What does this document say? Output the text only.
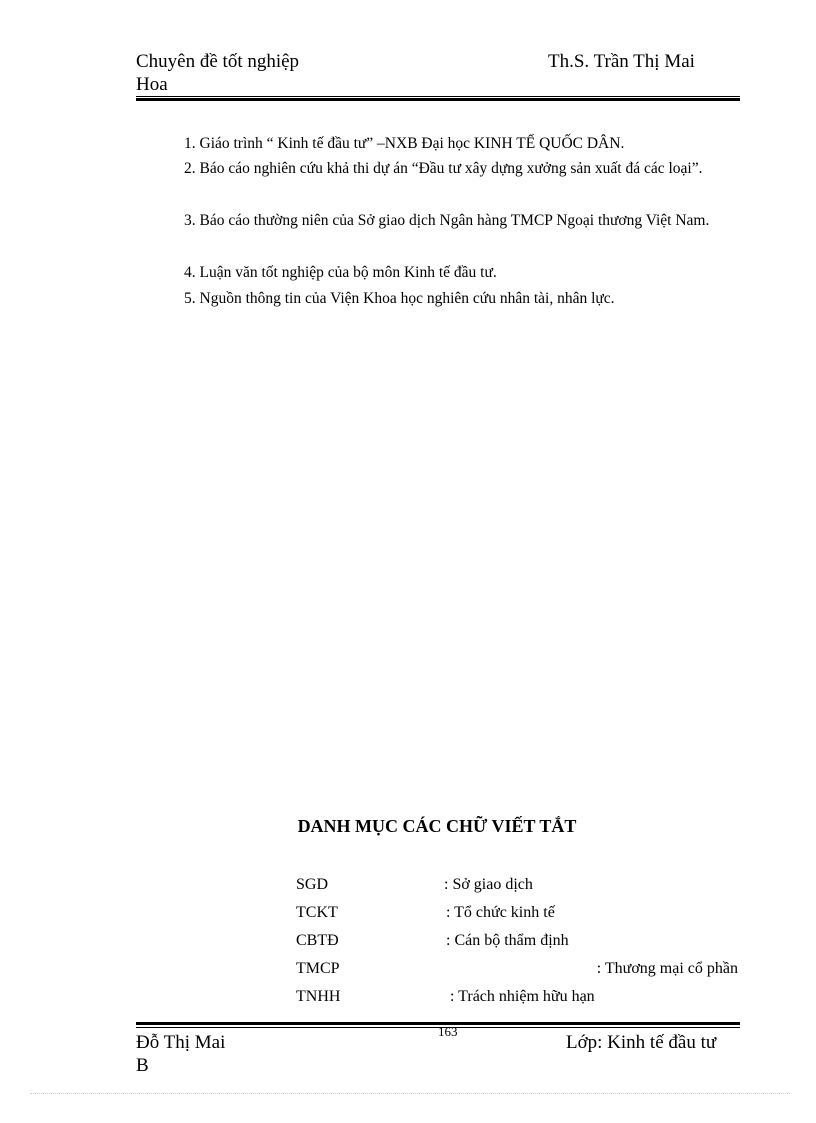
Chuyên đề tốt nghiệp
Hoa
Th.S. Trần Thị Mai
1. Giáo trình “ Kinh tế đầu tư” –NXB Đại học KINH TẾ QUỐC DÂN.
2. Báo cáo nghiên cứu khả thi dự án “Đầu tư xây dựng xưởng sản xuất đá các loại”.
3. Báo cáo thường niên của Sở giao dịch Ngân hàng TMCP Ngoại thương Việt Nam.
4. Luận văn tốt nghiệp của bộ môn Kinh tế đầu tư.
5. Nguồn thông tin của Viện Khoa học nghiên cứu nhân tài, nhân lực.
DANH MỤC CÁC CHỮ VIẾT TẮT
SGD	: Sở giao dịch
TCKT	: Tổ chức kinh tế
CBTĐ	: Cán bộ thẩm định
TMCP	: Thương mại cổ phần
TNHH	: Trách nhiệm hữu hạn
163
Đỗ Thị Mai
B
Lớp: Kinh tế đầu tư
